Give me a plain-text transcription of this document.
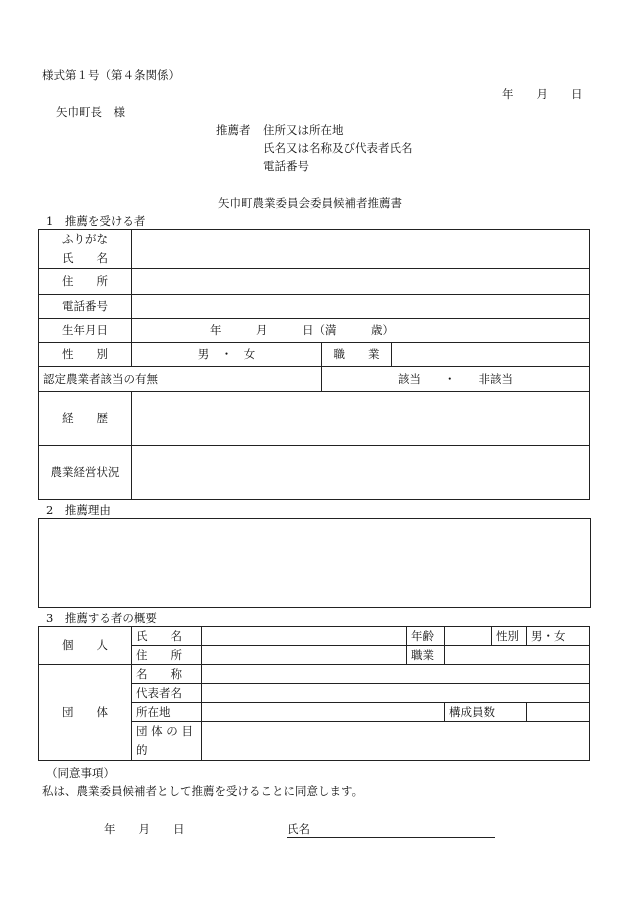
様式第１号（第４条関係）
年　　月　　日
矢巾町長　様
推薦者 住所又は所在地
氏名又は名称及び代表者氏名
電話番号
矢巾町農業委員会委員候補者推薦書
1　推薦を受ける者
ふりがな
氏　　名			

住　　所			
電話番号			
生年月日	年　　　月　　　日（満　　　歳）		
性　　別	男　・　女	職　　業	
認定農業者該当の有無		該当　　・　　非該当	
経　　歴			
農業経営状況			
2　推薦理由
3　推薦する者の概要
個　　人	氏　　名		年齢		性別	男・女
	住　　所		職業			
団　　体	名　　称					
	代表者名					
	所在地			構成員数		

	団 体 の 目
的					

（同意事項）
私は、農業委員候補者として推薦を受けることに同意します。
年　　月　　日	氏名
